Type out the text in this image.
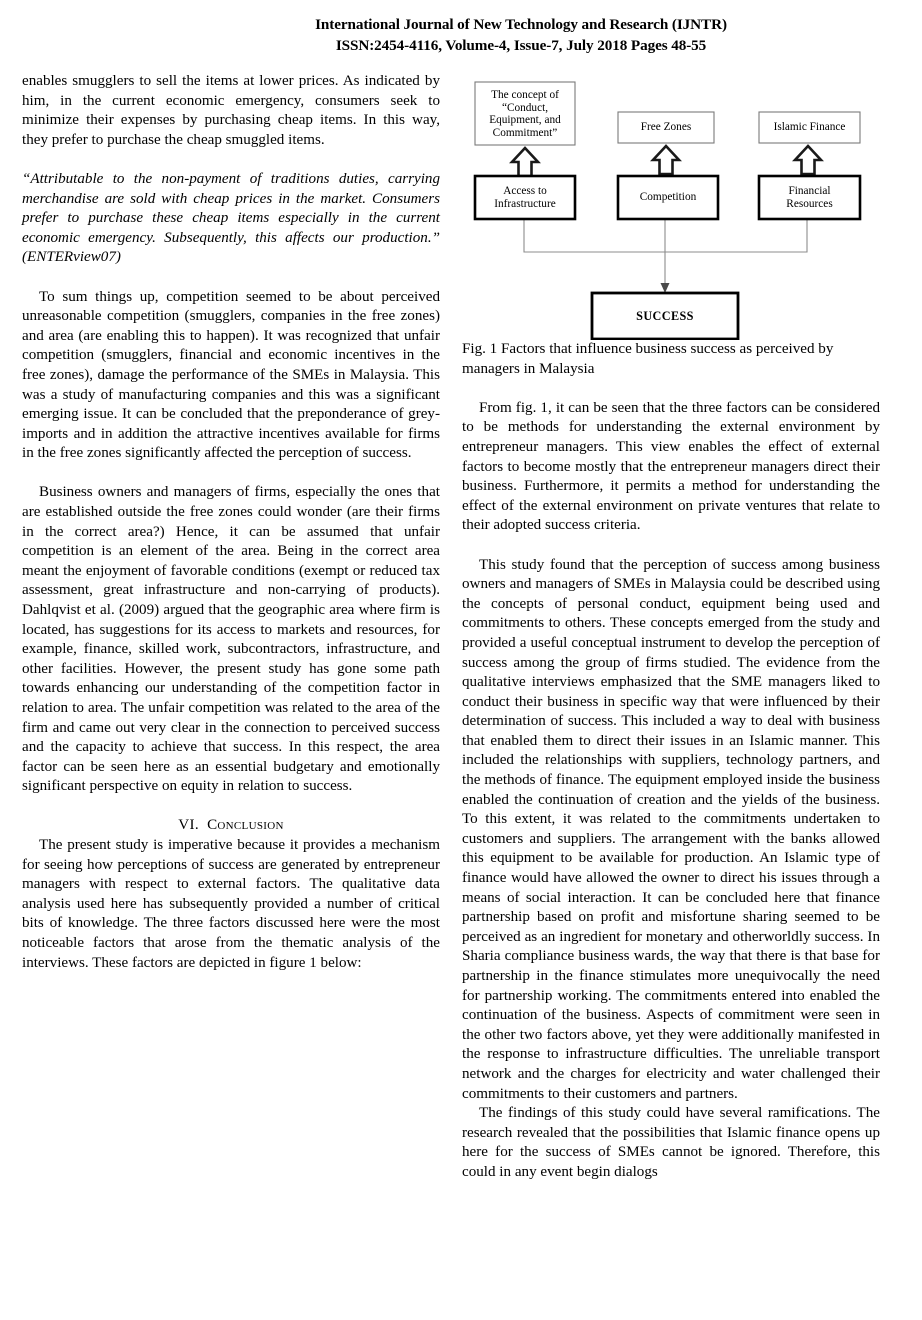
International Journal of New Technology and Research (IJNTR)
ISSN:2454-4116, Volume-4, Issue-7, July 2018 Pages 48-55

enables smugglers to sell the items at lower prices. As indicated by him, in the current economic emergency, consumers seek to minimize their expenses by purchasing cheap items. In this way, they prefer to purchase the cheap smuggled items.

“Attributable to the non-payment of traditions duties, carrying merchandise are sold with cheap prices in the market. Consumers prefer to purchase these cheap items especially in the current economic emergency. Subsequently, this affects our production.” (ENTERview07)

To sum things up, competition seemed to be about perceived unreasonable competition (smugglers, companies in the free zones) and area (are enabling this to happen). It was recognized that unfair competition (smugglers, financial and economic incentives in the free zones), damage the performance of the SMEs in Malaysia. This was a study of manufacturing companies and this was a significant emerging issue. It can be concluded that the preponderance of grey-imports and in addition the attractive incentives available for firms in the free zones significantly affected the perception of success.

Business owners and managers of firms, especially the ones that are established outside the free zones could wonder (are their firms in the correct area?) Hence, it can be assumed that unfair competition is an element of the area. Being in the correct area meant the enjoyment of favorable conditions (exempt or reduced tax assessment, great infrastructure and non-carrying of products). Dahlqvist et al. (2009) argued that the geographic area where firm is located, has suggestions for its access to markets and resources, for example, finance, skilled work, subcontractors, infrastructure, and other facilities. However, the present study has gone some path towards enhancing our understanding of the competition factor in relation to area. The unfair competition was related to the area of the firm and came out very clear in the connection to perceived success and the capacity to achieve that success. In this respect, the area factor can be seen here as an essential budgetary and emotionally significant perspective on equity in relation to success.

VI. Conclusion

The present study is imperative because it provides a mechanism for seeing how perceptions of success are generated by entrepreneur managers with respect to external factors. The qualitative data analysis used here has subsequently provided a number of critical bits of knowledge. The three factors discussed here were the most noticeable factors that arose from the thematic analysis of the interviews. These factors are depicted in figure 1 below:

The concept of
“Conduct,
Equipment, and
Commitment”	Free Zones	Islamic Finance
Access to
Infrastructure
Competition	Financial
Resources
SUCCESS

Fig. 1 Factors that influence business success as perceived by managers in Malaysia

From fig. 1, it can be seen that the three factors can be considered to be methods for understanding the external environment by entrepreneur managers. This view enables the effect of external factors to become mostly that the entrepreneur managers direct their business. Furthermore, it permits a method for understanding the effect of the external environment on private ventures that relate to their adopted success criteria.

This study found that the perception of success among business owners and managers of SMEs in Malaysia could be described using the concepts of personal conduct, equipment being used and commitments to others. These concepts emerged from the study and provided a useful conceptual instrument to develop the perception of success among the group of firms studied. The evidence from the qualitative interviews emphasized that the SME managers liked to conduct their business in specific way that were influenced by their determination of success. This included a way to deal with business that enabled them to direct their issues in an Islamic manner. This included the relationships with suppliers, technology partners, and the methods of finance. The equipment employed inside the business enabled the continuation of creation and the yields of the business. To this extent, it was related to the commitments undertaken to customers and suppliers. The arrangement with the banks allowed this equipment to be available for production. An Islamic type of finance would have allowed the owner to direct his issues through a means of social interaction. It can be concluded here that finance partnership based on profit and misfortune sharing seemed to be perceived as an ingredient for monetary and otherworldly success. In Sharia compliance business wards, the way that there is that base for partnership in the finance stimulates more unequivocally the need for partnership working. The commitments entered into enabled the continuation of the business. Aspects of commitment were seen in the other two factors above, yet they were additionally manifested in the response to infrastructure difficulties. The unreliable transport network and the charges for electricity and water challenged their commitments to their customers and partners.

The findings of this study could have several ramifications. The research revealed that the possibilities that Islamic finance opens up here for the success of SMEs cannot be ignored. Therefore, this could in any event begin dialogs
